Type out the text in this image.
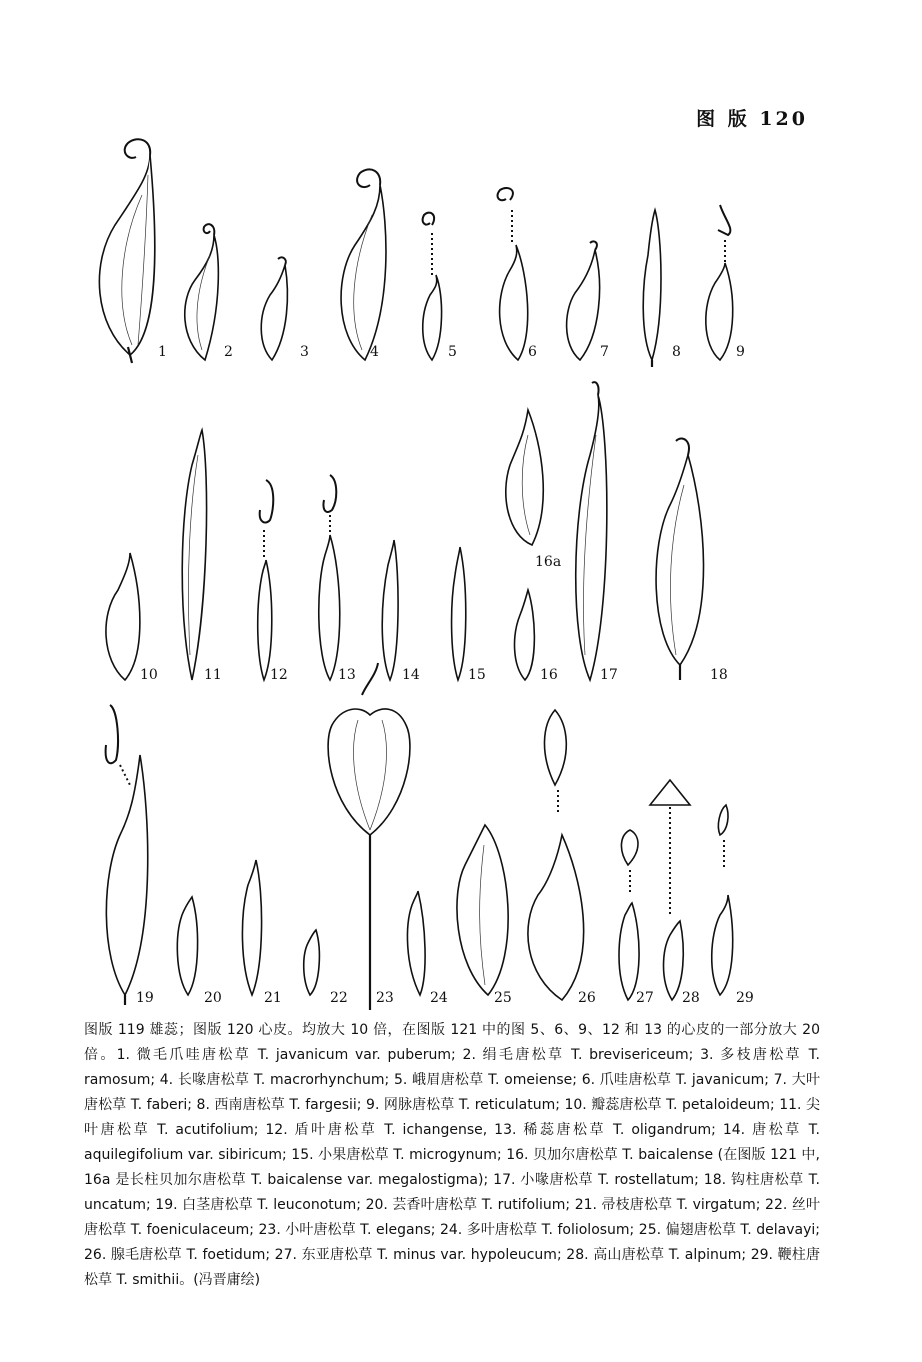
图 版 120
1	2	3	4	5	6	7	8	9
10	11	12	13	14	15
16a
16	17	18
19	20	21	22 23	24	25	26	27 28	29

图版 119 雄蕊；图版 120 心皮。均放大 10 倍，在图版 121 中的图 5、6、9、12 和 13 的心皮的一部分放大 20 倍。1. 微毛爪哇唐松草 T. javanicum var. puberum; 2. 绢毛唐松草 T. brevisericeum; 3. 多枝唐松草 T. ramosum; 4. 长喙唐松草 T. macrorhynchum; 5. 峨眉唐松草 T. omeiense; 6. 爪哇唐松草 T. javanicum; 7. 大叶唐松草 T. faberi; 8. 西南唐松草 T. fargesii; 9. 网脉唐松草 T. reticulatum; 10. 瓣蕊唐松草 T. petaloideum; 11. 尖叶唐松草 T. acutifolium; 12. 盾叶唐松草 T. ichangense, 13. 稀蕊唐松草 T. oligandrum; 14. 唐松草 T. aquilegifolium var. sibiricum; 15. 小果唐松草 T. microgynum; 16. 贝加尔唐松草 T. baicalense (在图版 121 中, 16a 是长柱贝加尔唐松草 T. baicalense var. megalostigma); 17. 小喙唐松草 T. rostellatum; 18. 钩柱唐松草 T. uncatum; 19. 白茎唐松草 T. leuconotum; 20. 芸香叶唐松草 T. rutifolium; 21. 帚枝唐松草 T. virgatum; 22. 丝叶唐松草 T. foeniculaceum; 23. 小叶唐松草 T. elegans; 24. 多叶唐松草 T. foliolosum; 25. 偏翅唐松草 T. delavayi; 26. 腺毛唐松草 T. foetidum; 27. 东亚唐松草 T. minus var. hypoleucum; 28. 高山唐松草 T. alpinum; 29. 鞭柱唐松草 T. smithii。(冯晋庸绘)
